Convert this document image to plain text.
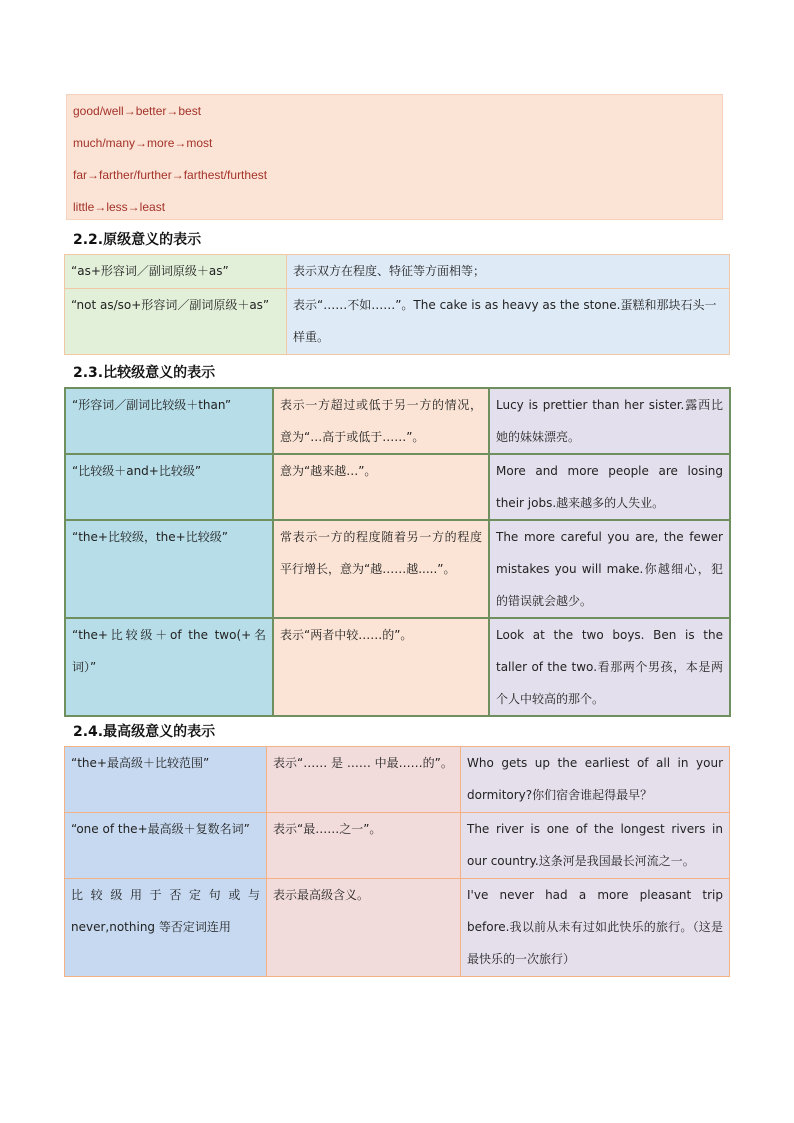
good/well→better→best
much/many→more→most
far→farther/further→farthest/furthest
little→less→least
2.2.原级意义的表示
“as+形容词／副词原级＋as”	表示双方在程度、特征等方面相等；
“not as/so+形容词／副词原级＋as”	表示“……不如……”。The cake is as heavy as the stone.蛋糕和那块石头一样重。
2.3.比较级意义的表示
“形容词／副词比较级＋than”	表示一方超过或低于另一方的情况，意为“…高于或低于……”。	Lucy is prettier than her sister.露西比她的妹妹漂亮。
“比较级＋and+比较级”	意为“越来越…”。	More and more people are losing their jobs.越来越多的人失业。
“the+比较级，the+比较级”	常表示一方的程度随着另一方的程度平行增长，意为“越……越.....”。	The more careful you are, the fewer mistakes you will make.你越细心，犯的错误就会越少。
“the+比较级＋of the two(+名词）”	表示“两者中较……的”。	Look at the two boys. Ben is the taller of the two.看那两个男孩，本是两个人中较高的那个。
2.4.最高级意义的表示
“the+最高级＋比较范围”	表示“…… 是 …… 中最……的”。	Who gets up the earliest of all in your dormitory?你们宿舍谁起得最早？
“one of the+最高级＋复数名词”	表示“最……之一”。	The river is one of the longest rivers in our country.这条河是我国最长河流之一。
比较级用于否定句或与never,nothing 等否定词连用	表示最高级含义。	I've never had a more pleasant trip before.我以前从未有过如此快乐的旅行。（这是最快乐的一次旅行）
